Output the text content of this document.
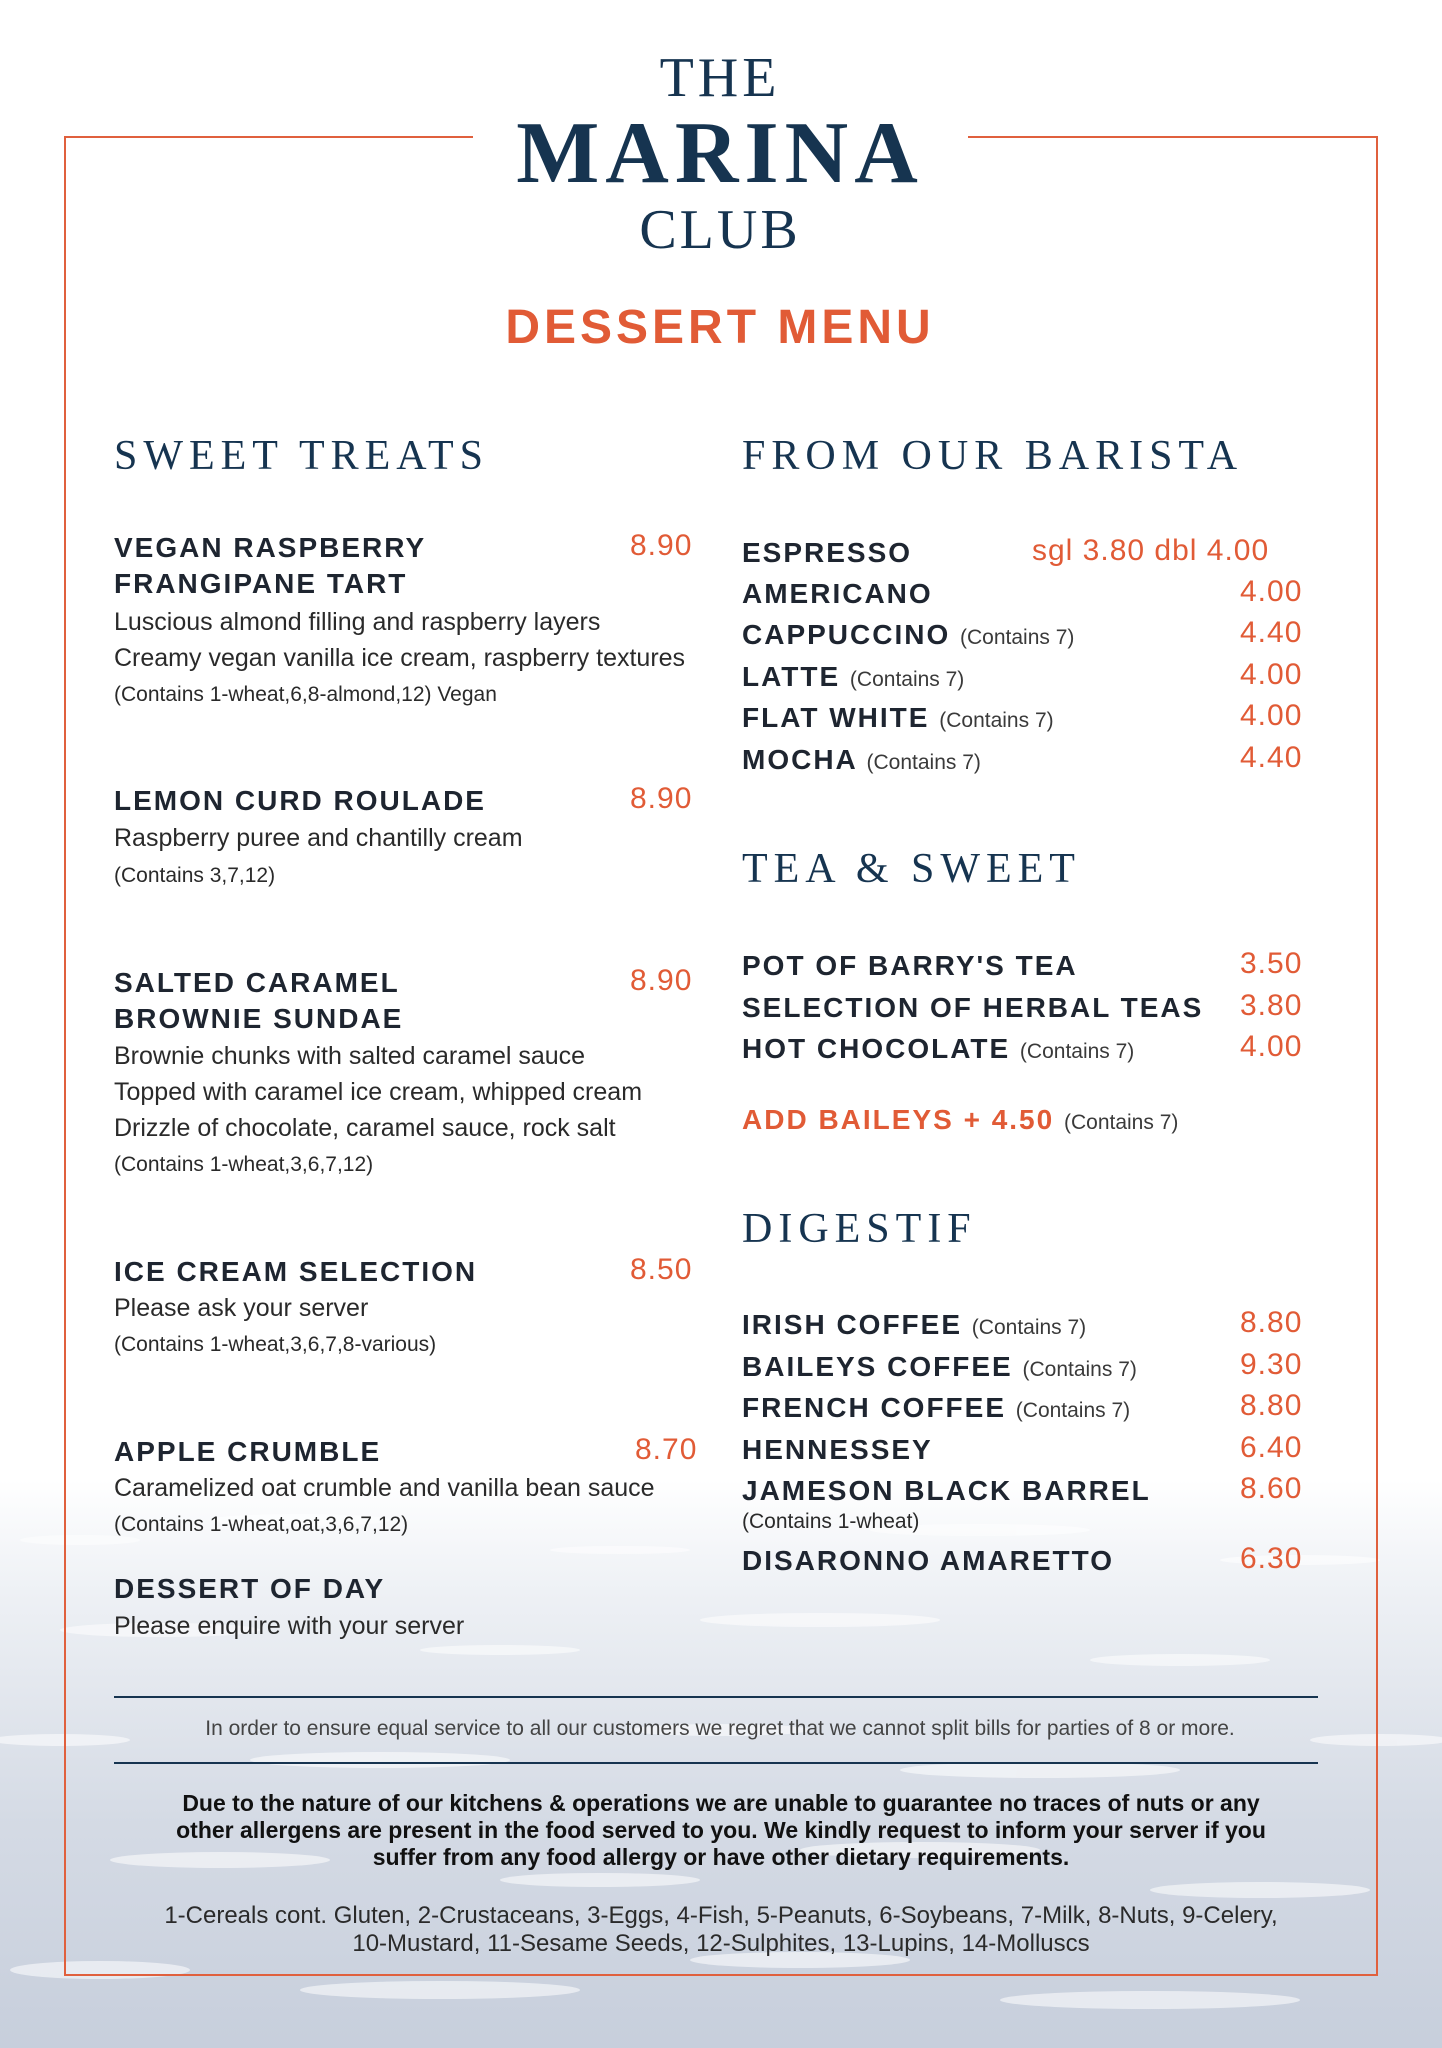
THE
MARINA
CLUB
DESSERT MENU
SWEET TREATS
VEGAN RASPBERRY
FRANGIPANE TART
8.90
Luscious almond filling and raspberry layers
Creamy vegan vanilla ice cream, raspberry textures
(Contains 1-wheat,6,8-almond,12) Vegan
LEMON CURD ROULADE	8.90
Raspberry puree and chantilly cream
(Contains 3,7,12)
SALTED CARAMEL
BROWNIE SUNDAE
8.90
Brownie chunks with salted caramel sauce
Topped with caramel ice cream, whipped cream
Drizzle of chocolate, caramel sauce, rock salt
(Contains 1-wheat,3,6,7,12)
ICE CREAM SELECTION	8.50
Please ask your server
(Contains 1-wheat,3,6,7,8-various)
APPLE CRUMBLE	8.70
Caramelized oat crumble and vanilla bean sauce
(Contains 1-wheat,oat,3,6,7,12)
DESSERT OF DAY
Please enquire with your server
FROM OUR BARISTA
ESPRESSO	sgl 3.80 dbl 4.00
AMERICANO	4.00
CAPPUCCINO (Contains 7)	4.40
LATTE (Contains 7)	4.00
FLAT WHITE (Contains 7)	4.00
MOCHA (Contains 7)	4.40
TEA & SWEET
POT OF BARRY'S TEA	3.50
SELECTION OF HERBAL TEAS 3.80
HOT CHOCOLATE (Contains 7)	4.00
ADD BAILEYS + 4.50 (Contains 7)
DIGESTIF
IRISH COFFEE (Contains 7)	8.80
BAILEYS COFFEE (Contains 7)	9.30
FRENCH COFFEE (Contains 7)	8.80
HENNESSEY	6.40
JAMESON BLACK BARREL	8.60
(Contains 1-wheat)
DISARONNO AMARETTO	6.30
In order to ensure equal service to all our customers we regret that we cannot split bills for parties of 8 or more.
Due to the nature of our kitchens & operations we are unable to guarantee no traces of nuts or any
other allergens are present in the food served to you. We kindly request to inform your server if you
suffer from any food allergy or have other dietary requirements.
1-Cereals cont. Gluten, 2-Crustaceans, 3-Eggs, 4-Fish, 5-Peanuts, 6-Soybeans, 7-Milk, 8-Nuts, 9-Celery,
10-Mustard, 11-Sesame Seeds, 12-Sulphites, 13-Lupins, 14-Molluscs
